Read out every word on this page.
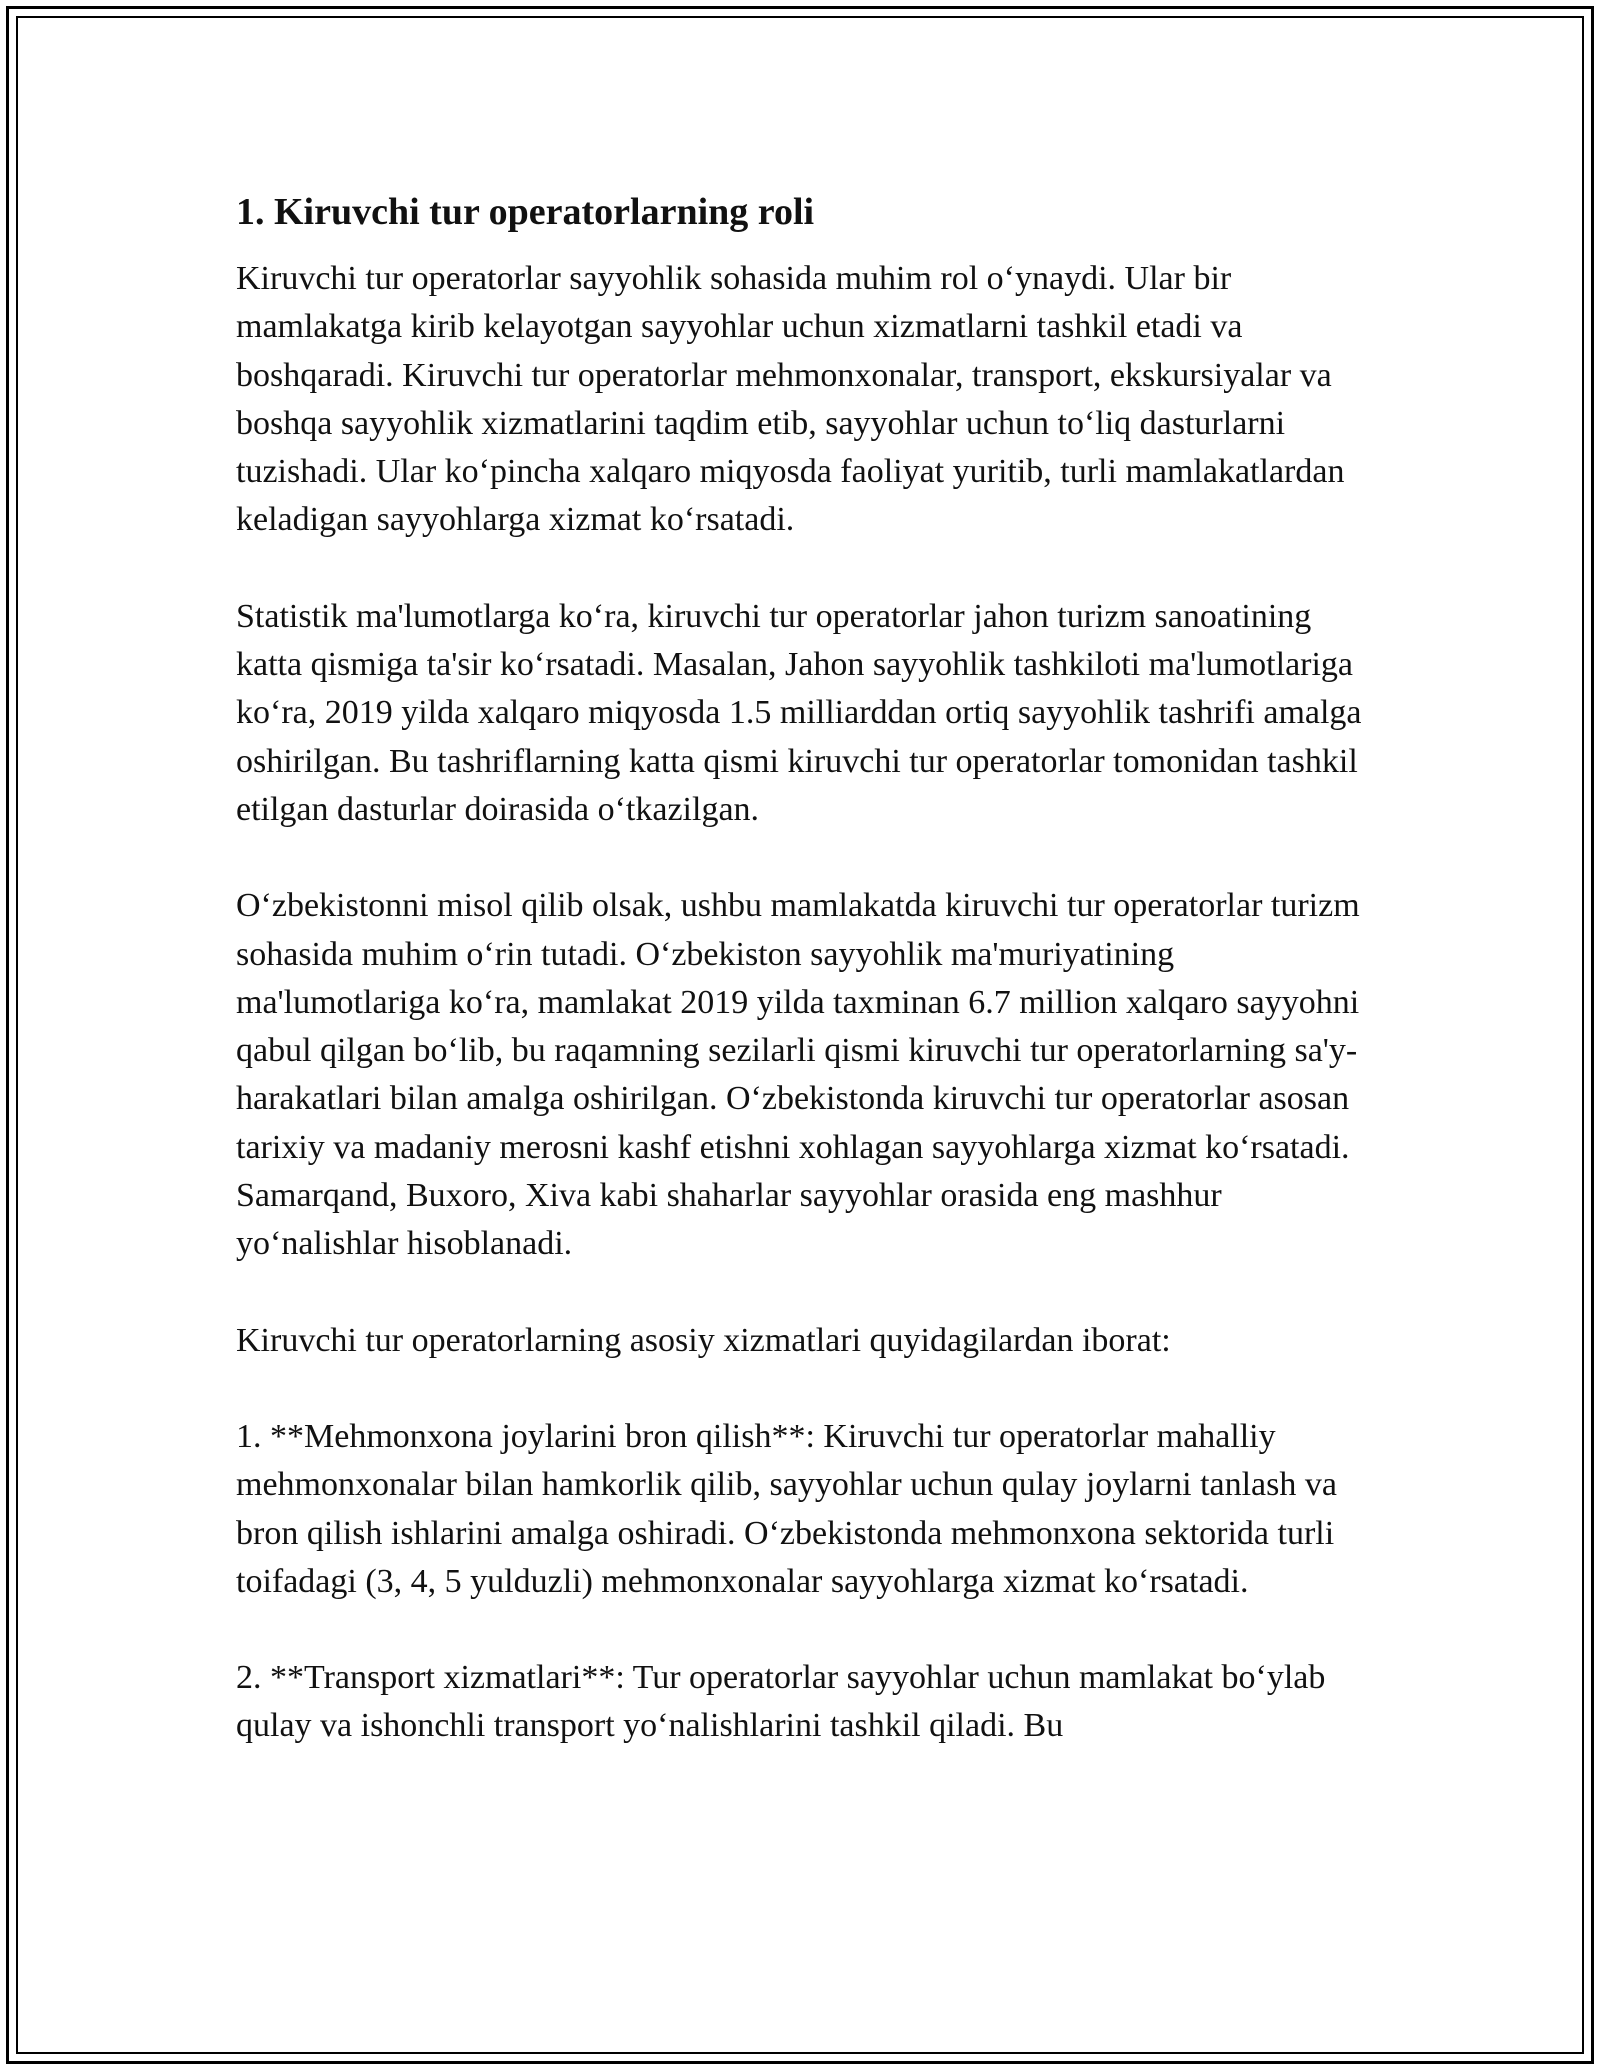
1. Kiruvchi tur operatorlarning roli

Kiruvchi tur operatorlar sayyohlik sohasida muhim rol o‘ynaydi. Ular bir mamlakatga kirib kelayotgan sayyohlar uchun xizmatlarni tashkil etadi va boshqaradi. Kiruvchi tur operatorlar mehmonxonalar, transport, ekskursiyalar va boshqa sayyohlik xizmatlarini taqdim etib, sayyohlar uchun to‘liq dasturlarni tuzishadi. Ular ko‘pincha xalqaro miqyosda faoliyat yuritib, turli mamlakatlardan keladigan sayyohlarga xizmat ko‘rsatadi.

Statistik ma'lumotlarga ko‘ra, kiruvchi tur operatorlar jahon turizm sanoatining katta qismiga ta'sir ko‘rsatadi. Masalan, Jahon sayyohlik tashkiloti ma'lumotlariga ko‘ra, 2019 yilda xalqaro miqyosda 1.5 milliarddan ortiq sayyohlik tashrifi amalga oshirilgan. Bu tashriflarning katta qismi kiruvchi tur operatorlar tomonidan tashkil etilgan dasturlar doirasida o‘tkazilgan.

O‘zbekistonni misol qilib olsak, ushbu mamlakatda kiruvchi tur operatorlar turizm sohasida muhim o‘rin tutadi. O‘zbekiston sayyohlik ma'muriyatining ma'lumotlariga ko‘ra, mamlakat 2019 yilda taxminan 6.7 million xalqaro sayyohni qabul qilgan bo‘lib, bu raqamning sezilarli qismi kiruvchi tur operatorlarning sa'y-harakatlari bilan amalga oshirilgan. O‘zbekistonda kiruvchi tur operatorlar asosan tarixiy va madaniy merosni kashf etishni xohlagan sayyohlarga xizmat ko‘rsatadi. Samarqand, Buxoro, Xiva kabi shaharlar sayyohlar orasida eng mashhur yo‘nalishlar hisoblanadi.

Kiruvchi tur operatorlarning asosiy xizmatlari quyidagilardan iborat:

1. **Mehmonxona joylarini bron qilish**: Kiruvchi tur operatorlar mahalliy mehmonxonalar bilan hamkorlik qilib, sayyohlar uchun qulay joylarni tanlash va bron qilish ishlarini amalga oshiradi. O‘zbekistonda mehmonxona sektorida turli toifadagi (3, 4, 5 yulduzli) mehmonxonalar sayyohlarga xizmat ko‘rsatadi.

2. **Transport xizmatlari**: Tur operatorlar sayyohlar uchun mamlakat bo‘ylab qulay va ishonchli transport yo‘nalishlarini tashkil qiladi. Bu
